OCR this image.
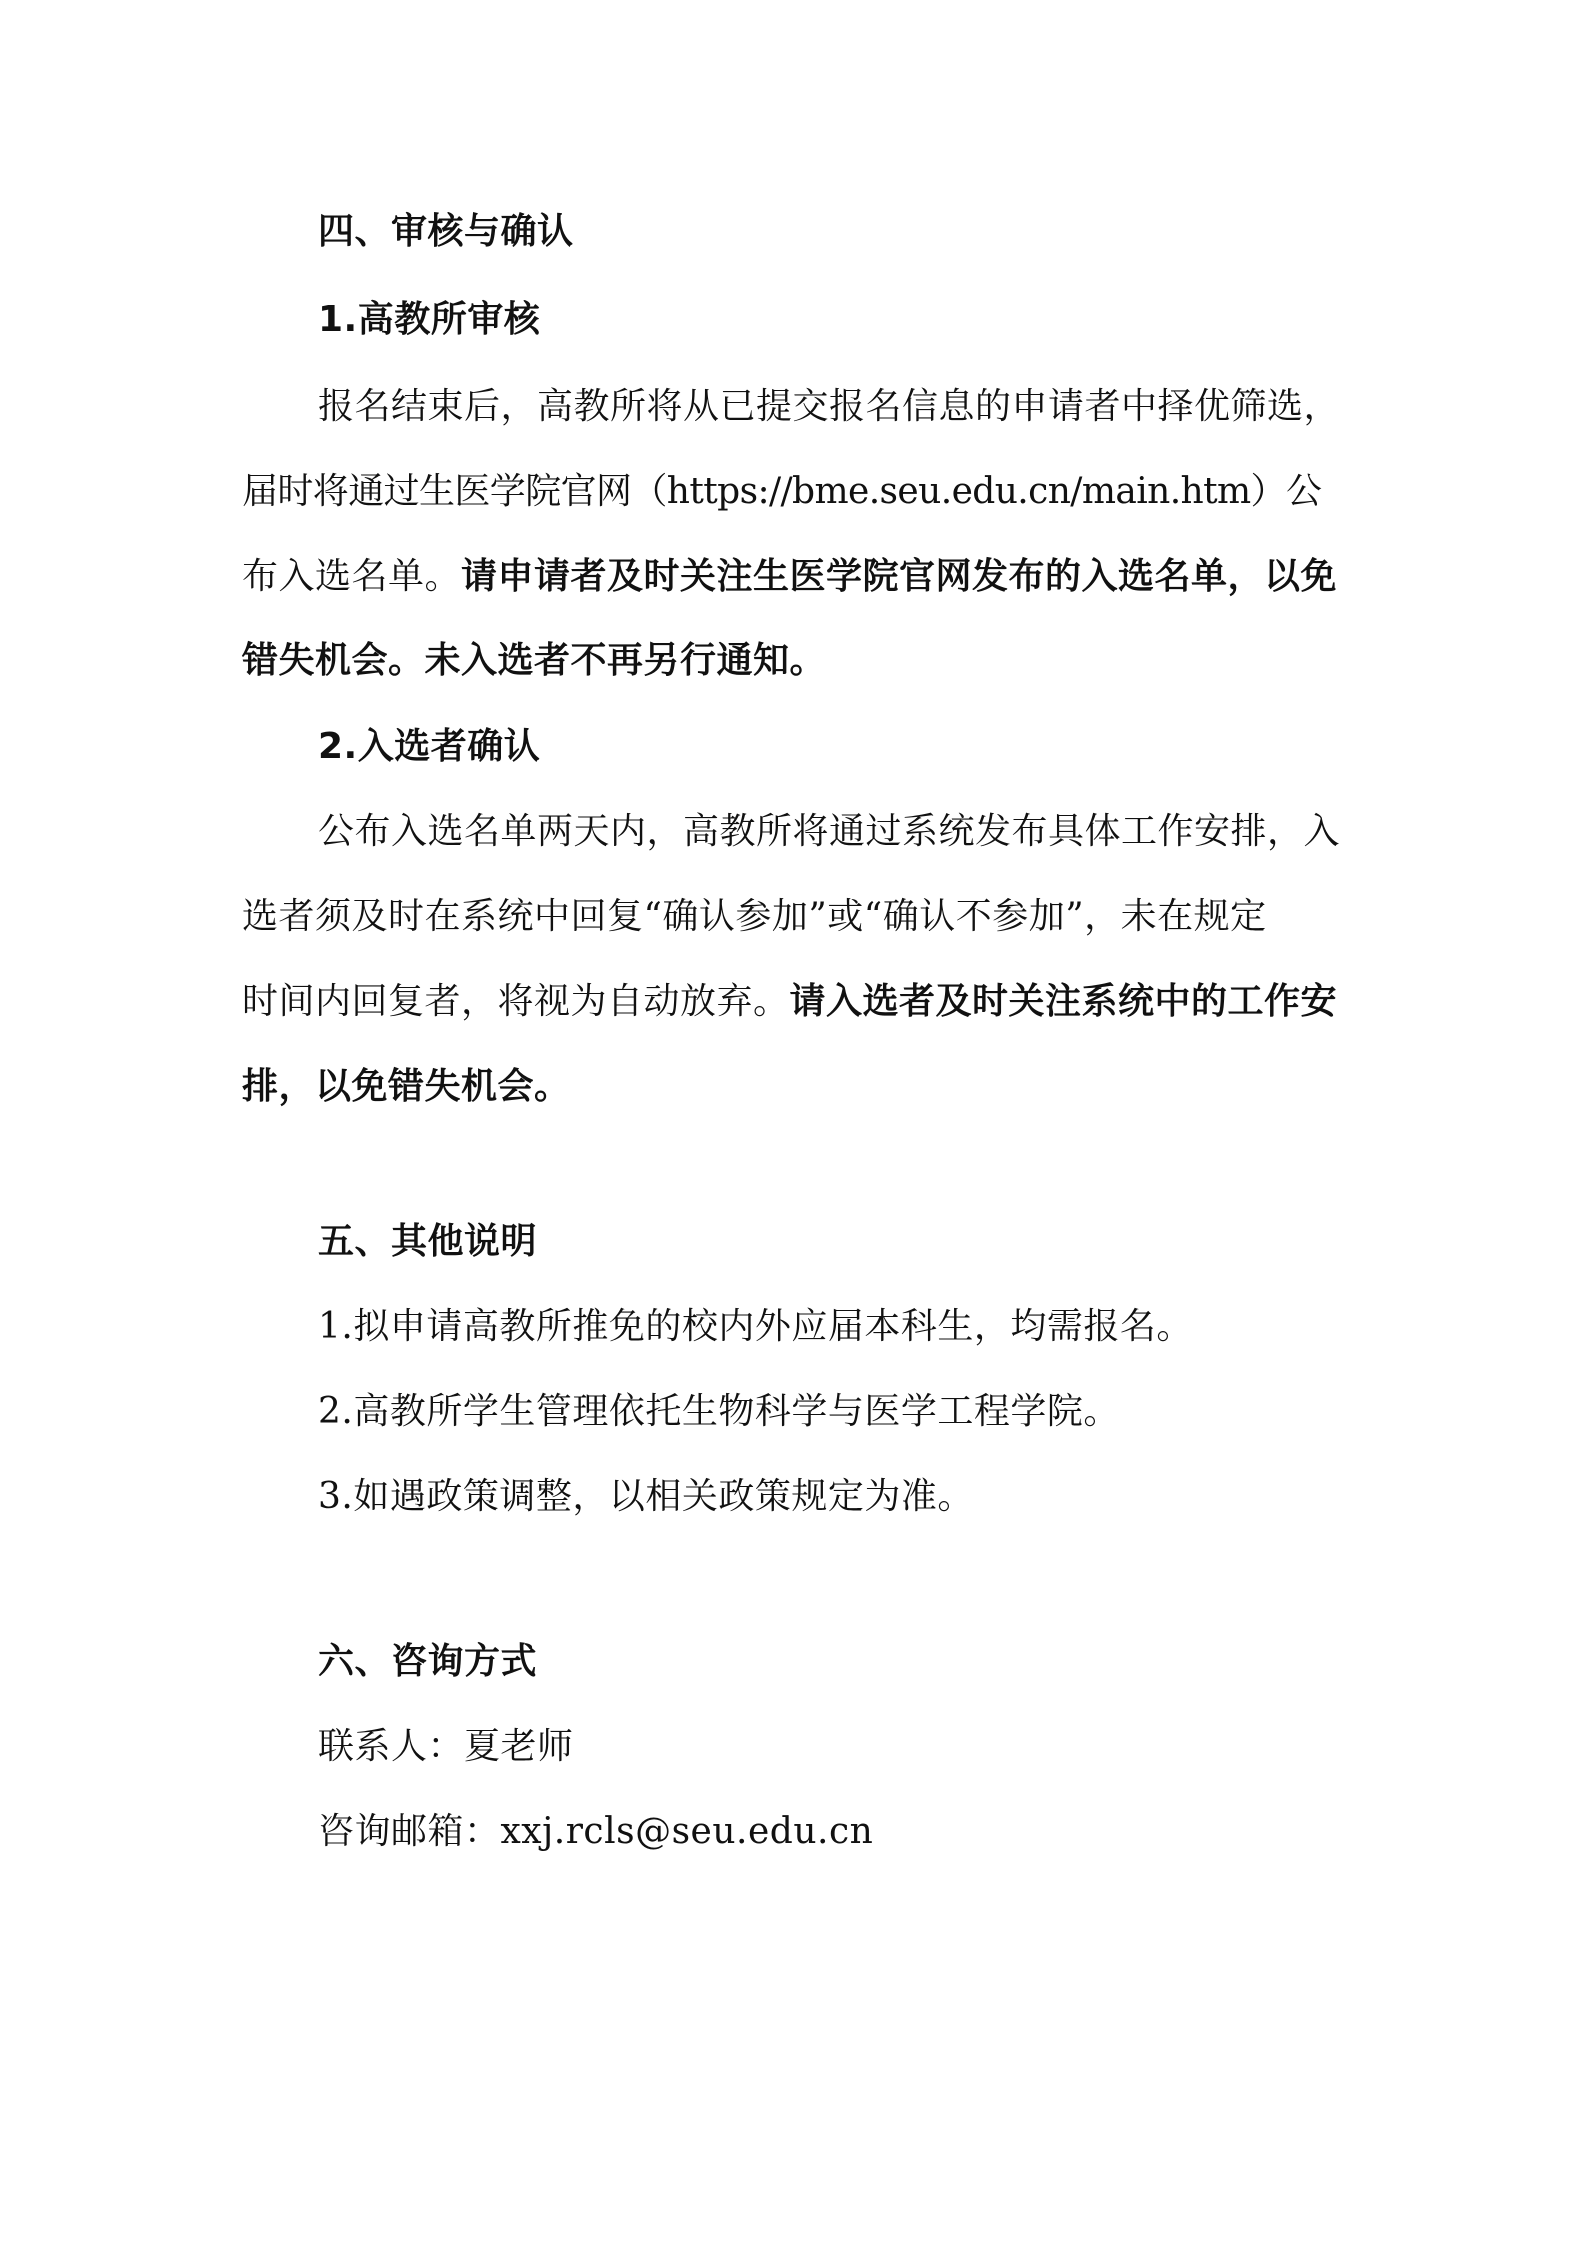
四、审核与确认
1.高教所审核
报名结束后，高教所将从已提交报名信息的申请者中择优筛选，
届时将通过生医学院官网（https://bme.seu.edu.cn/main.htm）公
布入选名单。请申请者及时关注生医学院官网发布的入选名单，以免
错失机会。未入选者不再另行通知。
2.入选者确认
公布入选名单两天内，高教所将通过系统发布具体工作安排，入
选者须及时在系统中回复“确认参加”或“确认不参加”，未在规定
时间内回复者，将视为自动放弃。请入选者及时关注系统中的工作安
排，以免错失机会。
五、其他说明
1.拟申请高教所推免的校内外应届本科生，均需报名。
2.高教所学生管理依托生物科学与医学工程学院。
3.如遇政策调整，以相关政策规定为准。
六、咨询方式
联系人：夏老师
咨询邮箱：xxj.rcls@seu.edu.cn
